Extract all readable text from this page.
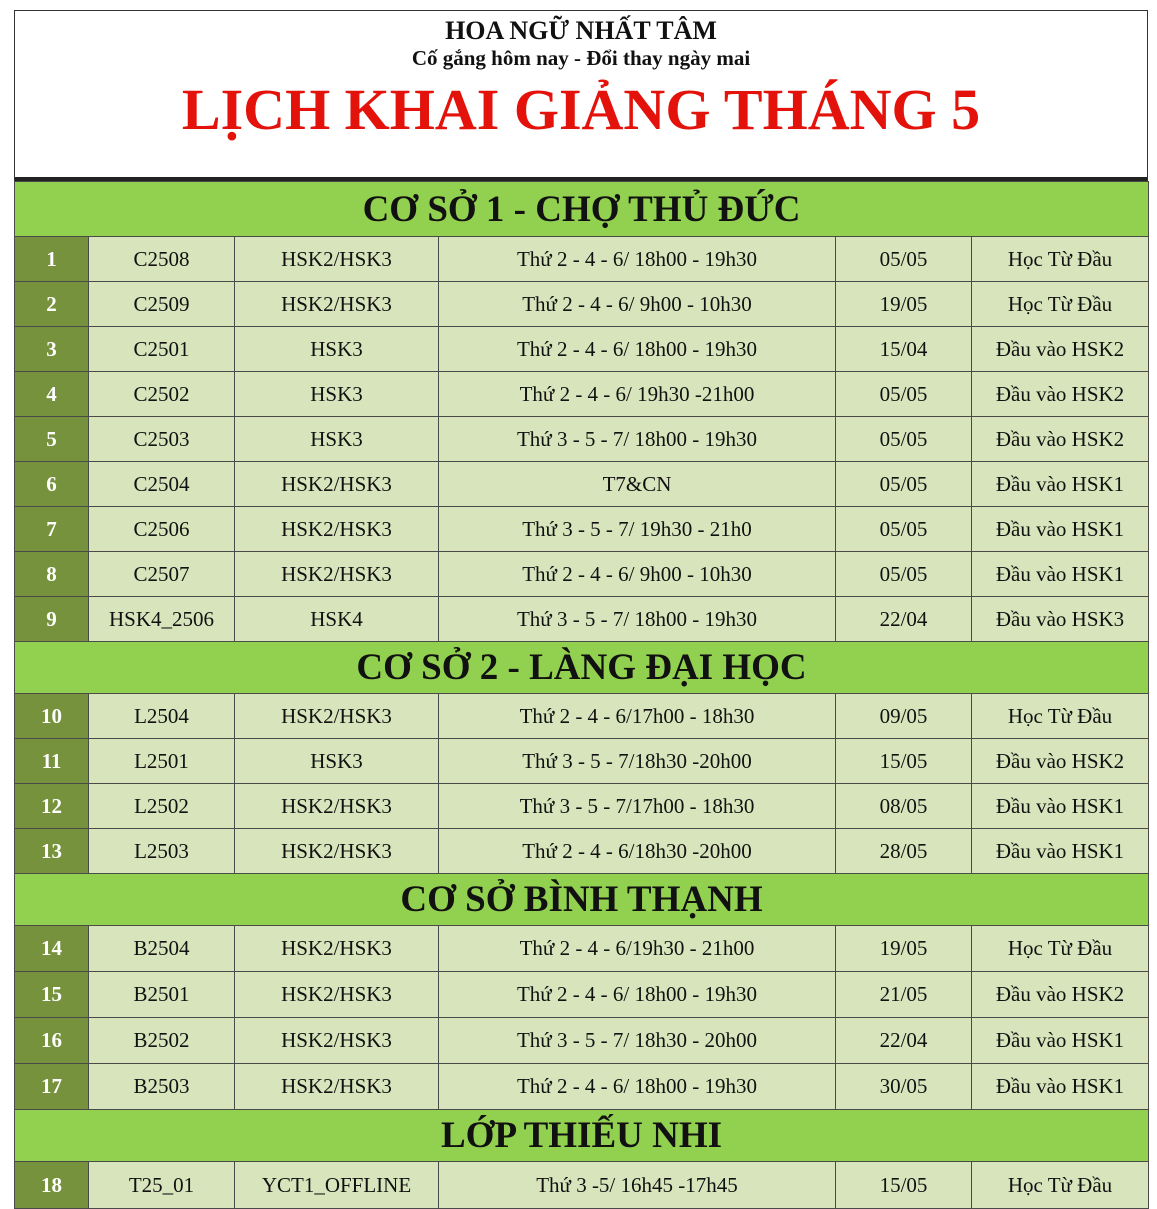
HOA NGỮ NHẤT TÂM
Cố gắng hôm nay - Đổi thay ngày mai
LỊCH KHAI GIẢNG THÁNG 5
CƠ SỞ 1 - CHỢ THỦ ĐỨC					
1	C2508	HSK2/HSK3	Thứ 2 - 4 - 6/ 18h00 - 19h30	05/05	Học Từ Đầu
2	C2509	HSK2/HSK3	Thứ 2 - 4 - 6/ 9h00 - 10h30	19/05	Học Từ Đầu
3	C2501	HSK3	Thứ 2 - 4 - 6/ 18h00 - 19h30	15/04	Đầu vào HSK2
4	C2502	HSK3	Thứ 2 - 4 - 6/ 19h30 -21h00	05/05	Đầu vào HSK2
5	C2503	HSK3	Thứ 3 - 5 - 7/ 18h00 - 19h30	05/05	Đầu vào HSK2
6	C2504	HSK2/HSK3	T7&CN	05/05	Đầu vào HSK1
7	C2506	HSK2/HSK3	Thứ 3 - 5 - 7/ 19h30 - 21h0	05/05	Đầu vào HSK1
8	C2507	HSK2/HSK3	Thứ 2 - 4 - 6/ 9h00 - 10h30	05/05	Đầu vào HSK1
9	HSK4_2506	HSK4	Thứ 3 - 5 - 7/ 18h00 - 19h30	22/04	Đầu vào HSK3
CƠ SỞ 2 - LÀNG ĐẠI HỌC					
10	L2504	HSK2/HSK3	Thứ 2 - 4 - 6/17h00 - 18h30	09/05	Học Từ Đầu
11	L2501	HSK3	Thứ 3 - 5 - 7/18h30 -20h00	15/05	Đầu vào HSK2
12	L2502	HSK2/HSK3	Thứ 3 - 5 - 7/17h00 - 18h30	08/05	Đầu vào HSK1
13	L2503	HSK2/HSK3	Thứ 2 - 4 - 6/18h30 -20h00	28/05	Đầu vào HSK1
CƠ SỞ BÌNH THẠNH					
14	B2504	HSK2/HSK3	Thứ 2 - 4 - 6/19h30 - 21h00	19/05	Học Từ Đầu
15	B2501	HSK2/HSK3	Thứ 2 - 4 - 6/ 18h00 - 19h30	21/05	Đầu vào HSK2
16	B2502	HSK2/HSK3	Thứ 3 - 5 - 7/ 18h30 - 20h00	22/04	Đầu vào HSK1
17	B2503	HSK2/HSK3	Thứ 2 - 4 - 6/ 18h00 - 19h30	30/05	Đầu vào HSK1
LỚP THIẾU NHI					
18	T25_01	YCT1_OFFLINE	Thứ 3 -5/ 16h45 -17h45	15/05	Học Từ Đầu
